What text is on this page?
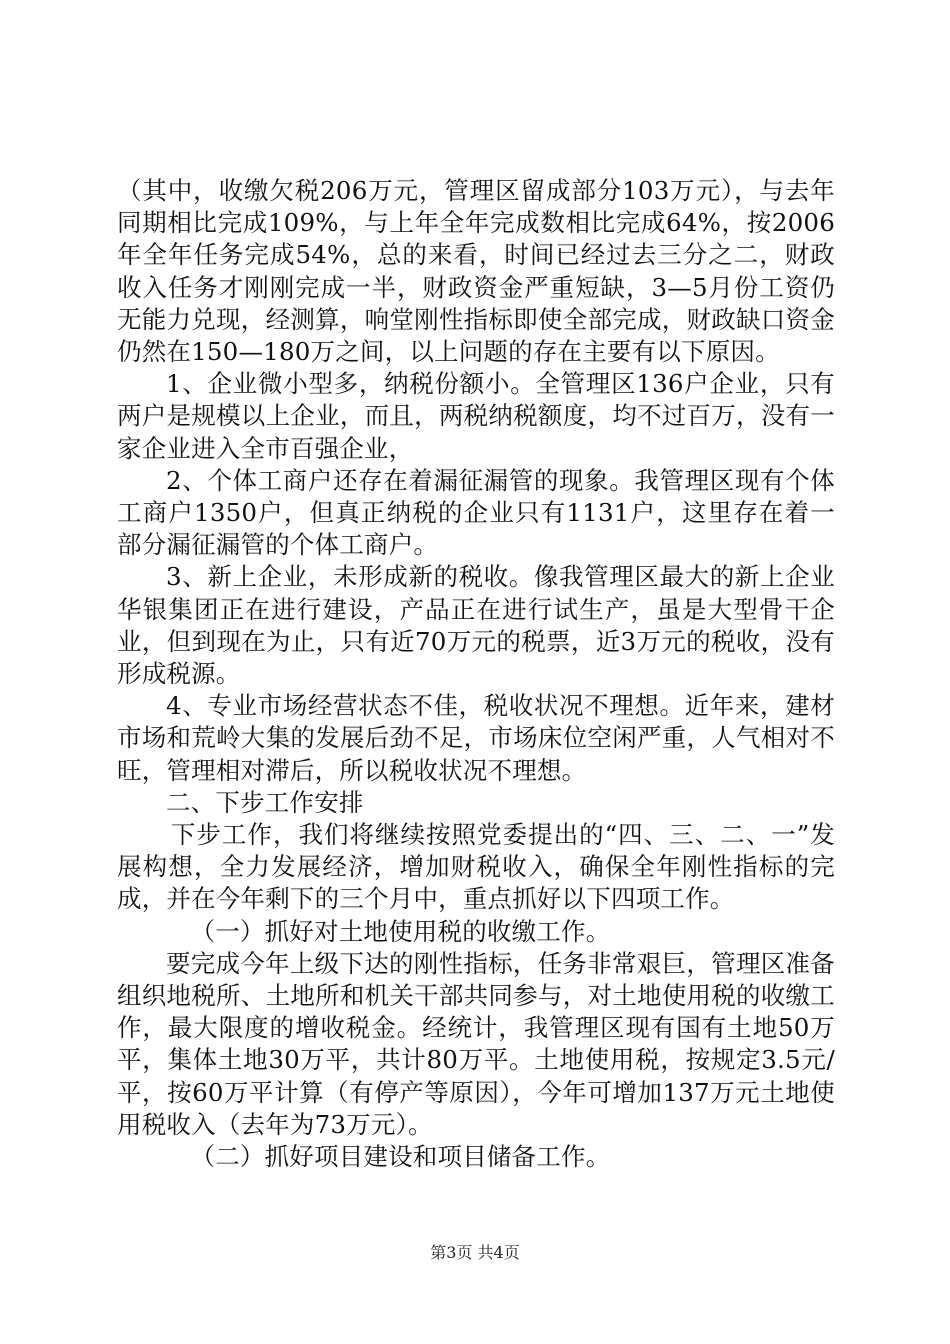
（其中，收缴欠税206万元，管理区留成部分103万元），与去年同期相比完成109%，与上年全年完成数相比完成64%，按2006年全年任务完成54%，总的来看，时间已经过去三分之二，财政收入任务才刚刚完成一半，财政资金严重短缺，3—5月份工资仍无能力兑现，经测算，响堂刚性指标即使全部完成，财政缺口资金仍然在150—180万之间，以上问题的存在主要有以下原因。

1、企业微小型多，纳税份额小。全管理区136户企业，只有两户是规模以上企业，而且，两税纳税额度，均不过百万，没有一家企业进入全市百强企业，

2、个体工商户还存在着漏征漏管的现象。我管理区现有个体工商户1350户，但真正纳税的企业只有1131户，这里存在着一部分漏征漏管的个体工商户。

3、新上企业，未形成新的税收。像我管理区最大的新上企业华银集团正在进行建设，产品正在进行试生产，虽是大型骨干企业，但到现在为止，只有近70万元的税票，近3万元的税收，没有形成税源。

4、专业市场经营状态不佳，税收状况不理想。近年来，建材市场和荒岭大集的发展后劲不足，市场床位空闲严重，人气相对不旺，管理相对滞后，所以税收状况不理想。

二、下步工作安排

下步工作，我们将继续按照党委提出的“四、三、二、一”发展构想，全力发展经济，增加财税收入，确保全年刚性指标的完成，并在今年剩下的三个月中，重点抓好以下四项工作。

（一）抓好对土地使用税的收缴工作。

要完成今年上级下达的刚性指标，任务非常艰巨，管理区准备组织地税所、土地所和机关干部共同参与，对土地使用税的收缴工作，最大限度的增收税金。经统计，我管理区现有国有土地50万平，集体土地30万平，共计80万平。土地使用税，按规定3.5元/平，按60万平计算（有停产等原因），今年可增加137万元土地使用税收入（去年为73万元）。

（二）抓好项目建设和项目储备工作。

第3页 共4页
